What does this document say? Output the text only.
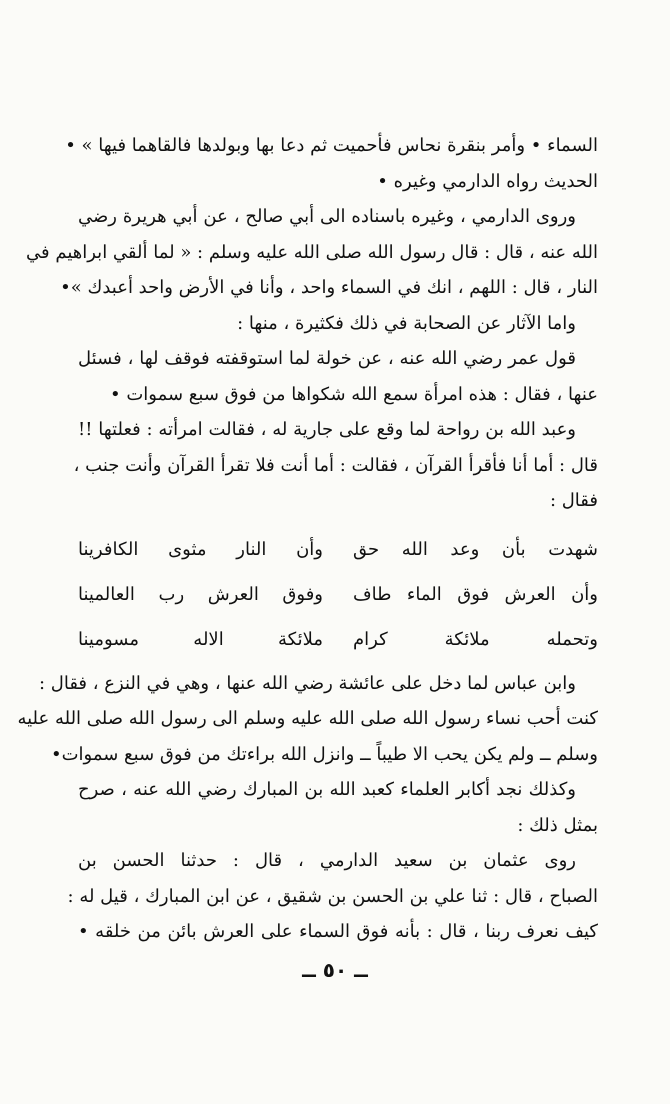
السماء • وأمر بنقرة نحاس فأحميت ثم دعا بها وبولدها فالقاهما فيها » •
الحديث رواه الدارمي وغيره •
وروى الدارمي ، وغيره باسناده الى أبي صالح ، عن أبي هريرة رضي
الله عنه ، قال : قال رسول الله صلى الله عليه وسلم : « لما ألقي ابراهيم في
النار ، قال : اللهم ، انك في السماء واحد ، وأنا في الأرض واحد أعبدك »•
واما الآثار عن الصحابة في ذلك فكثيرة ، منها :
قول عمر رضي الله عنه ، عن خولة لما استوقفته فوقف لها ، فسئل
عنها ، فقال : هذه امرأة سمع الله شكواها من فوق سبع سموات •
وعبد الله بن رواحة لما وقع على جارية له ، فقالت امرأته : فعلتها !!
قال : أما أنا فأقرأ القرآن ، فقالت : أما أنت فلا تقرأ القرآن وأنت جنب ،
فقال :
شهدت بأن وعد الله حق
وأن النار مثوى الكافرينا
وأن العرش فوق الماء طاف
وفوق العرش رب العالمينا
وتحمله ملائكة كرام
ملائكة الاله مسومينا
وابن عباس لما دخل على عائشة رضي الله عنها ، وهي في النزع ، فقال :
كنت أحب نساء رسول الله صلى الله عليه وسلم الى رسول الله صلى الله عليه
وسلم ــ ولم يكن يحب الا طيباً ــ وانزل الله براءتك من فوق سبع سموات•
وكذلك نجد أكابر العلماء كعبد الله بن المبارك رضي الله عنه ، صرح
بمثل ذلك :
روى عثمان بن سعيد الدارمي ، قال : حدثنا الحسن بن
الصباح ، قال : ثنا علي بن الحسن بن شقيق ، عن ابن المبارك ، قيل له :
كيف نعرف ربنا ، قال : بأنه فوق السماء على العرش بائن من خلقه •
ــ ٥٠ ــ
